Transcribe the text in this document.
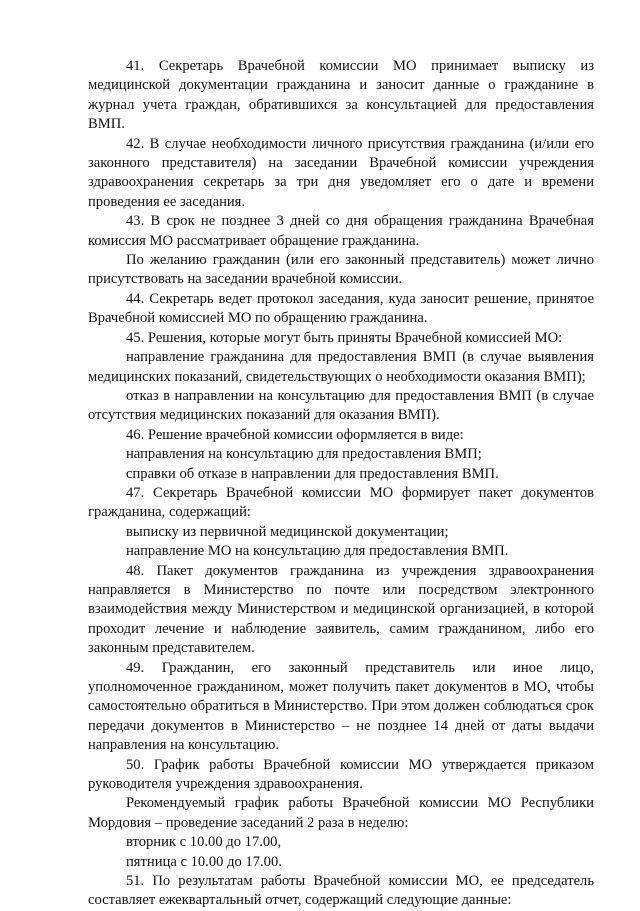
41. Секретарь Врачебной комиссии МО принимает выписку из медицинской документации гражданина и заносит данные о гражданине в журнал учета граждан, обратившихся за консультацией для предоставления ВМП.

42. В случае необходимости личного присутствия гражданина (и/или его законного представителя) на заседании Врачебной комиссии учреждения здравоохранения секретарь за три дня уведомляет его о дате и времени проведения ее заседания.

43. В срок не позднее 3 дней со дня обращения гражданина Врачебная комиссия МО рассматривает обращение гражданина.

По желанию гражданин (или его законный представитель) может лично присутствовать на заседании врачебной комиссии.

44. Секретарь ведет протокол заседания, куда заносит решение, принятое Врачебной комиссией МО по обращению гражданина.

45. Решения, которые могут быть приняты Врачебной комиссией МО:

направление гражданина для предоставления ВМП (в случае выявления медицинских показаний, свидетельствующих о необходимости оказания ВМП);

отказ в направлении на консультацию для предоставления ВМП (в случае отсутствия медицинских показаний для оказания ВМП).

46. Решение врачебной комиссии оформляется в виде:

направления на консультацию для предоставления ВМП;

справки об отказе в направлении для предоставления ВМП.

47. Секретарь Врачебной комиссии МО формирует пакет документов гражданина, содержащий:

выписку из первичной медицинской документации;

направление МО на консультацию для предоставления ВМП.

48. Пакет документов гражданина из учреждения здравоохранения направляется в Министерство по почте или посредством электронного взаимодействия между Министерством и медицинской организацией, в которой проходит лечение и наблюдение заявитель, самим гражданином, либо его законным представителем.

49. Гражданин, его законный представитель или иное лицо, уполномоченное гражданином, может получить пакет документов в МО, чтобы самостоятельно обратиться в Министерство. При этом должен соблюдаться срок передачи документов в Министерство – не позднее 14 дней от даты выдачи направления на консультацию.

50. График работы Врачебной комиссии МО утверждается приказом руководителя учреждения здравоохранения.

Рекомендуемый график работы Врачебной комиссии МО Республики Мордовия – проведение заседаний 2 раза в неделю:

вторник с 10.00 до 17.00,

пятница с 10.00 до 17.00.

51. По результатам работы Врачебной комиссии МО, ее председатель составляет ежеквартальный отчет, содержащий следующие данные:
